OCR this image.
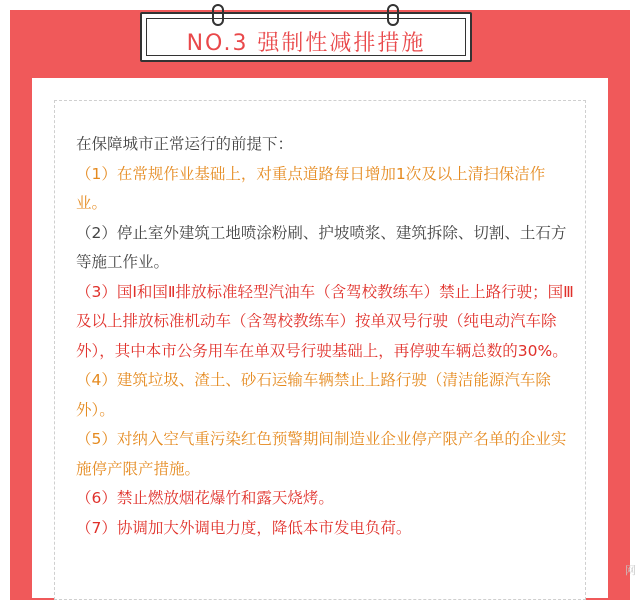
NO.3 强制性减排措施

在保障城市正常运行的前提下：

（1）在常规作业基础上，对重点道路每日增加1次及以上清扫保洁作业。

（2）停止室外建筑工地喷涂粉刷、护坡喷浆、建筑拆除、切割、土石方等施工作业。

（3）国Ⅰ和国Ⅱ排放标准轻型汽油车（含驾校教练车）禁止上路行驶；国Ⅲ及以上排放标准机动车（含驾校教练车）按单双号行驶（纯电动汽车除外），其中本市公务用车在单双号行驶基础上，再停驶车辆总数的30%。

（4）建筑垃圾、渣土、砂石运输车辆禁止上路行驶（清洁能源汽车除外）。

（5）对纳入空气重污染红色预警期间制造业企业停产限产名单的企业实施停产限产措施。

（6）禁止燃放烟花爆竹和露天烧烤。

（7）协调加大外调电力度，降低本市发电负荷。

网
